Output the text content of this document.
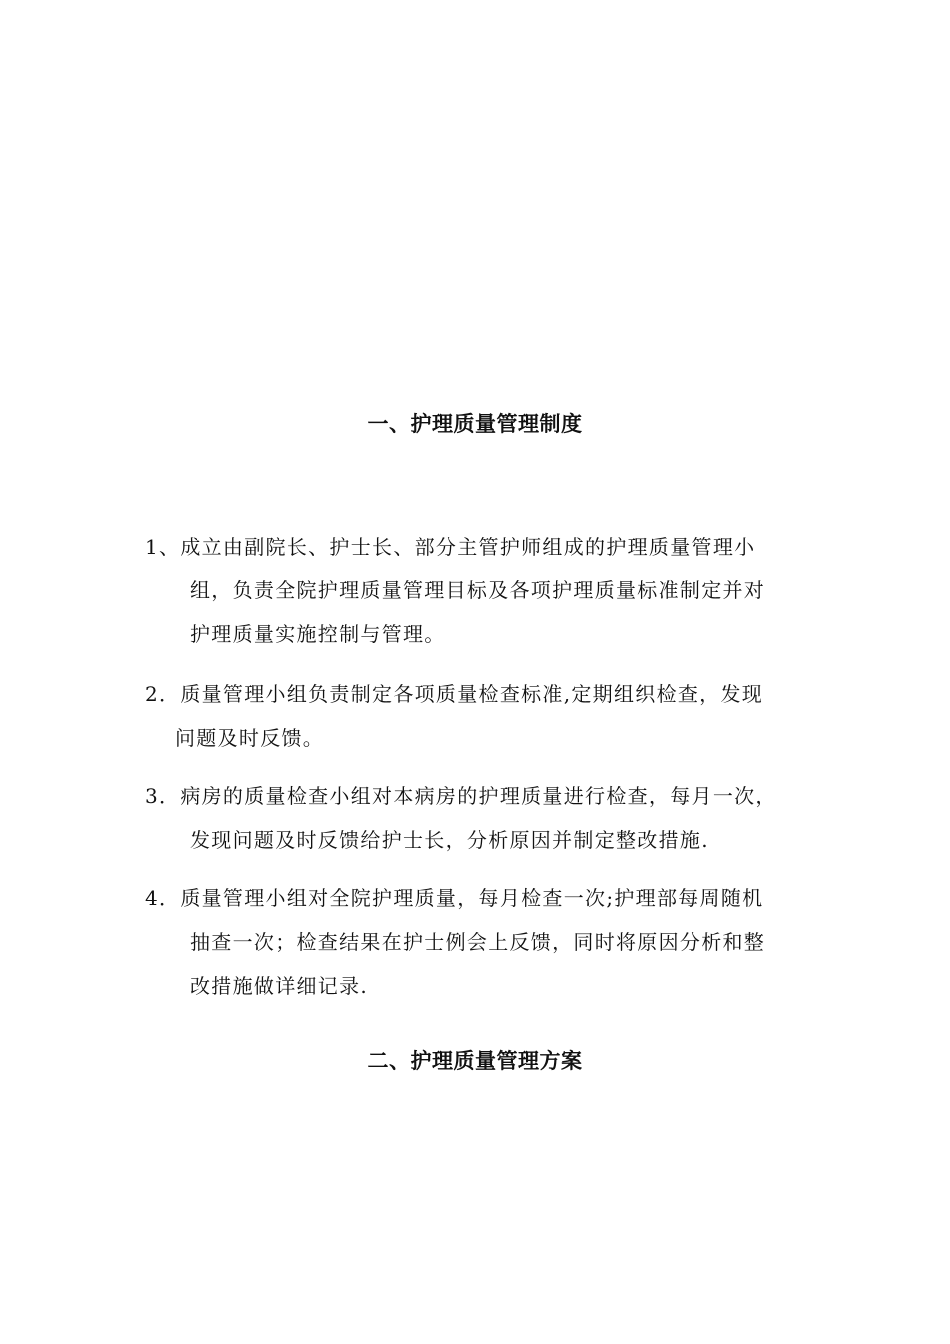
一、护理质量管理制度

1、成立由副院长、护士长、部分主管护师组成的护理质量管理小

组，负责全院护理质量管理目标及各项护理质量标准制定并对

护理质量实施控制与管理。

2．质量管理小组负责制定各项质量检查标准,定期组织检查，发现

问题及时反馈。

3．病房的质量检查小组对本病房的护理质量进行检查，每月一次，

发现问题及时反馈给护士长，分析原因并制定整改措施.

4．质量管理小组对全院护理质量，每月检查一次;护理部每周随机

抽查一次；检查结果在护士例会上反馈，同时将原因分析和整

改措施做详细记录.

二、护理质量管理方案
